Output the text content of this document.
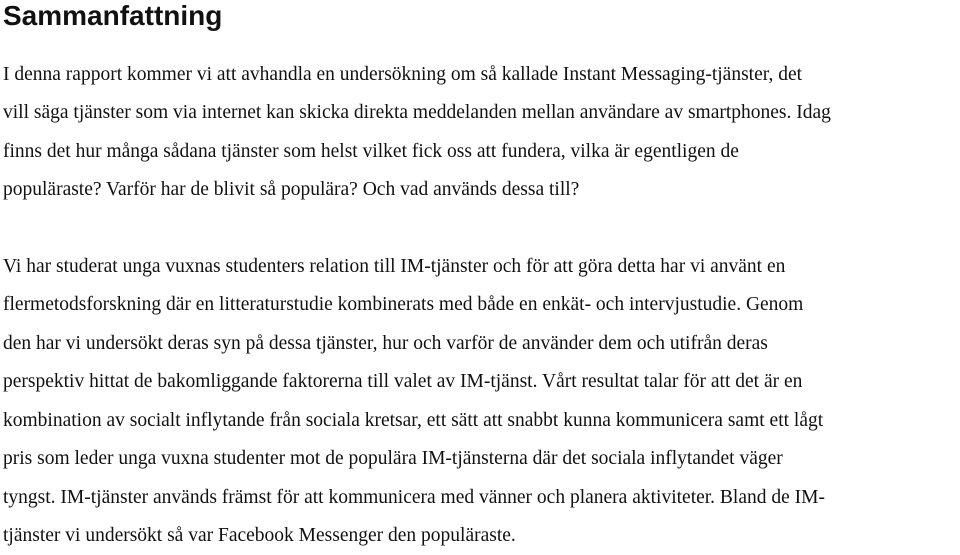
Sammanfattning

I denna rapport kommer vi att avhandla en undersökning om så kallade Instant Messaging-tjänster, det

vill säga tjänster som via internet kan skicka direkta meddelanden mellan användare av smartphones. Idag

finns det hur många sådana tjänster som helst vilket fick oss att fundera, vilka är egentligen de

populäraste? Varför har de blivit så populära? Och vad används dessa till?

Vi har studerat unga vuxnas studenters relation till IM-tjänster och för att göra detta har vi använt en

flermetodsforskning där en litteraturstudie kombinerats med både en enkät- och intervjustudie. Genom

den har vi undersökt deras syn på dessa tjänster, hur och varför de använder dem och utifrån deras

perspektiv hittat de bakomliggande faktorerna till valet av IM-tjänst. Vårt resultat talar för att det är en

kombination av socialt inflytande från sociala kretsar, ett sätt att snabbt kunna kommunicera samt ett lågt

pris som leder unga vuxna studenter mot de populära IM-tjänsterna där det sociala inflytandet väger

tyngst. IM-tjänster används främst för att kommunicera med vänner och planera aktiviteter. Bland de IM-

tjänster vi undersökt så var Facebook Messenger den populäraste.
